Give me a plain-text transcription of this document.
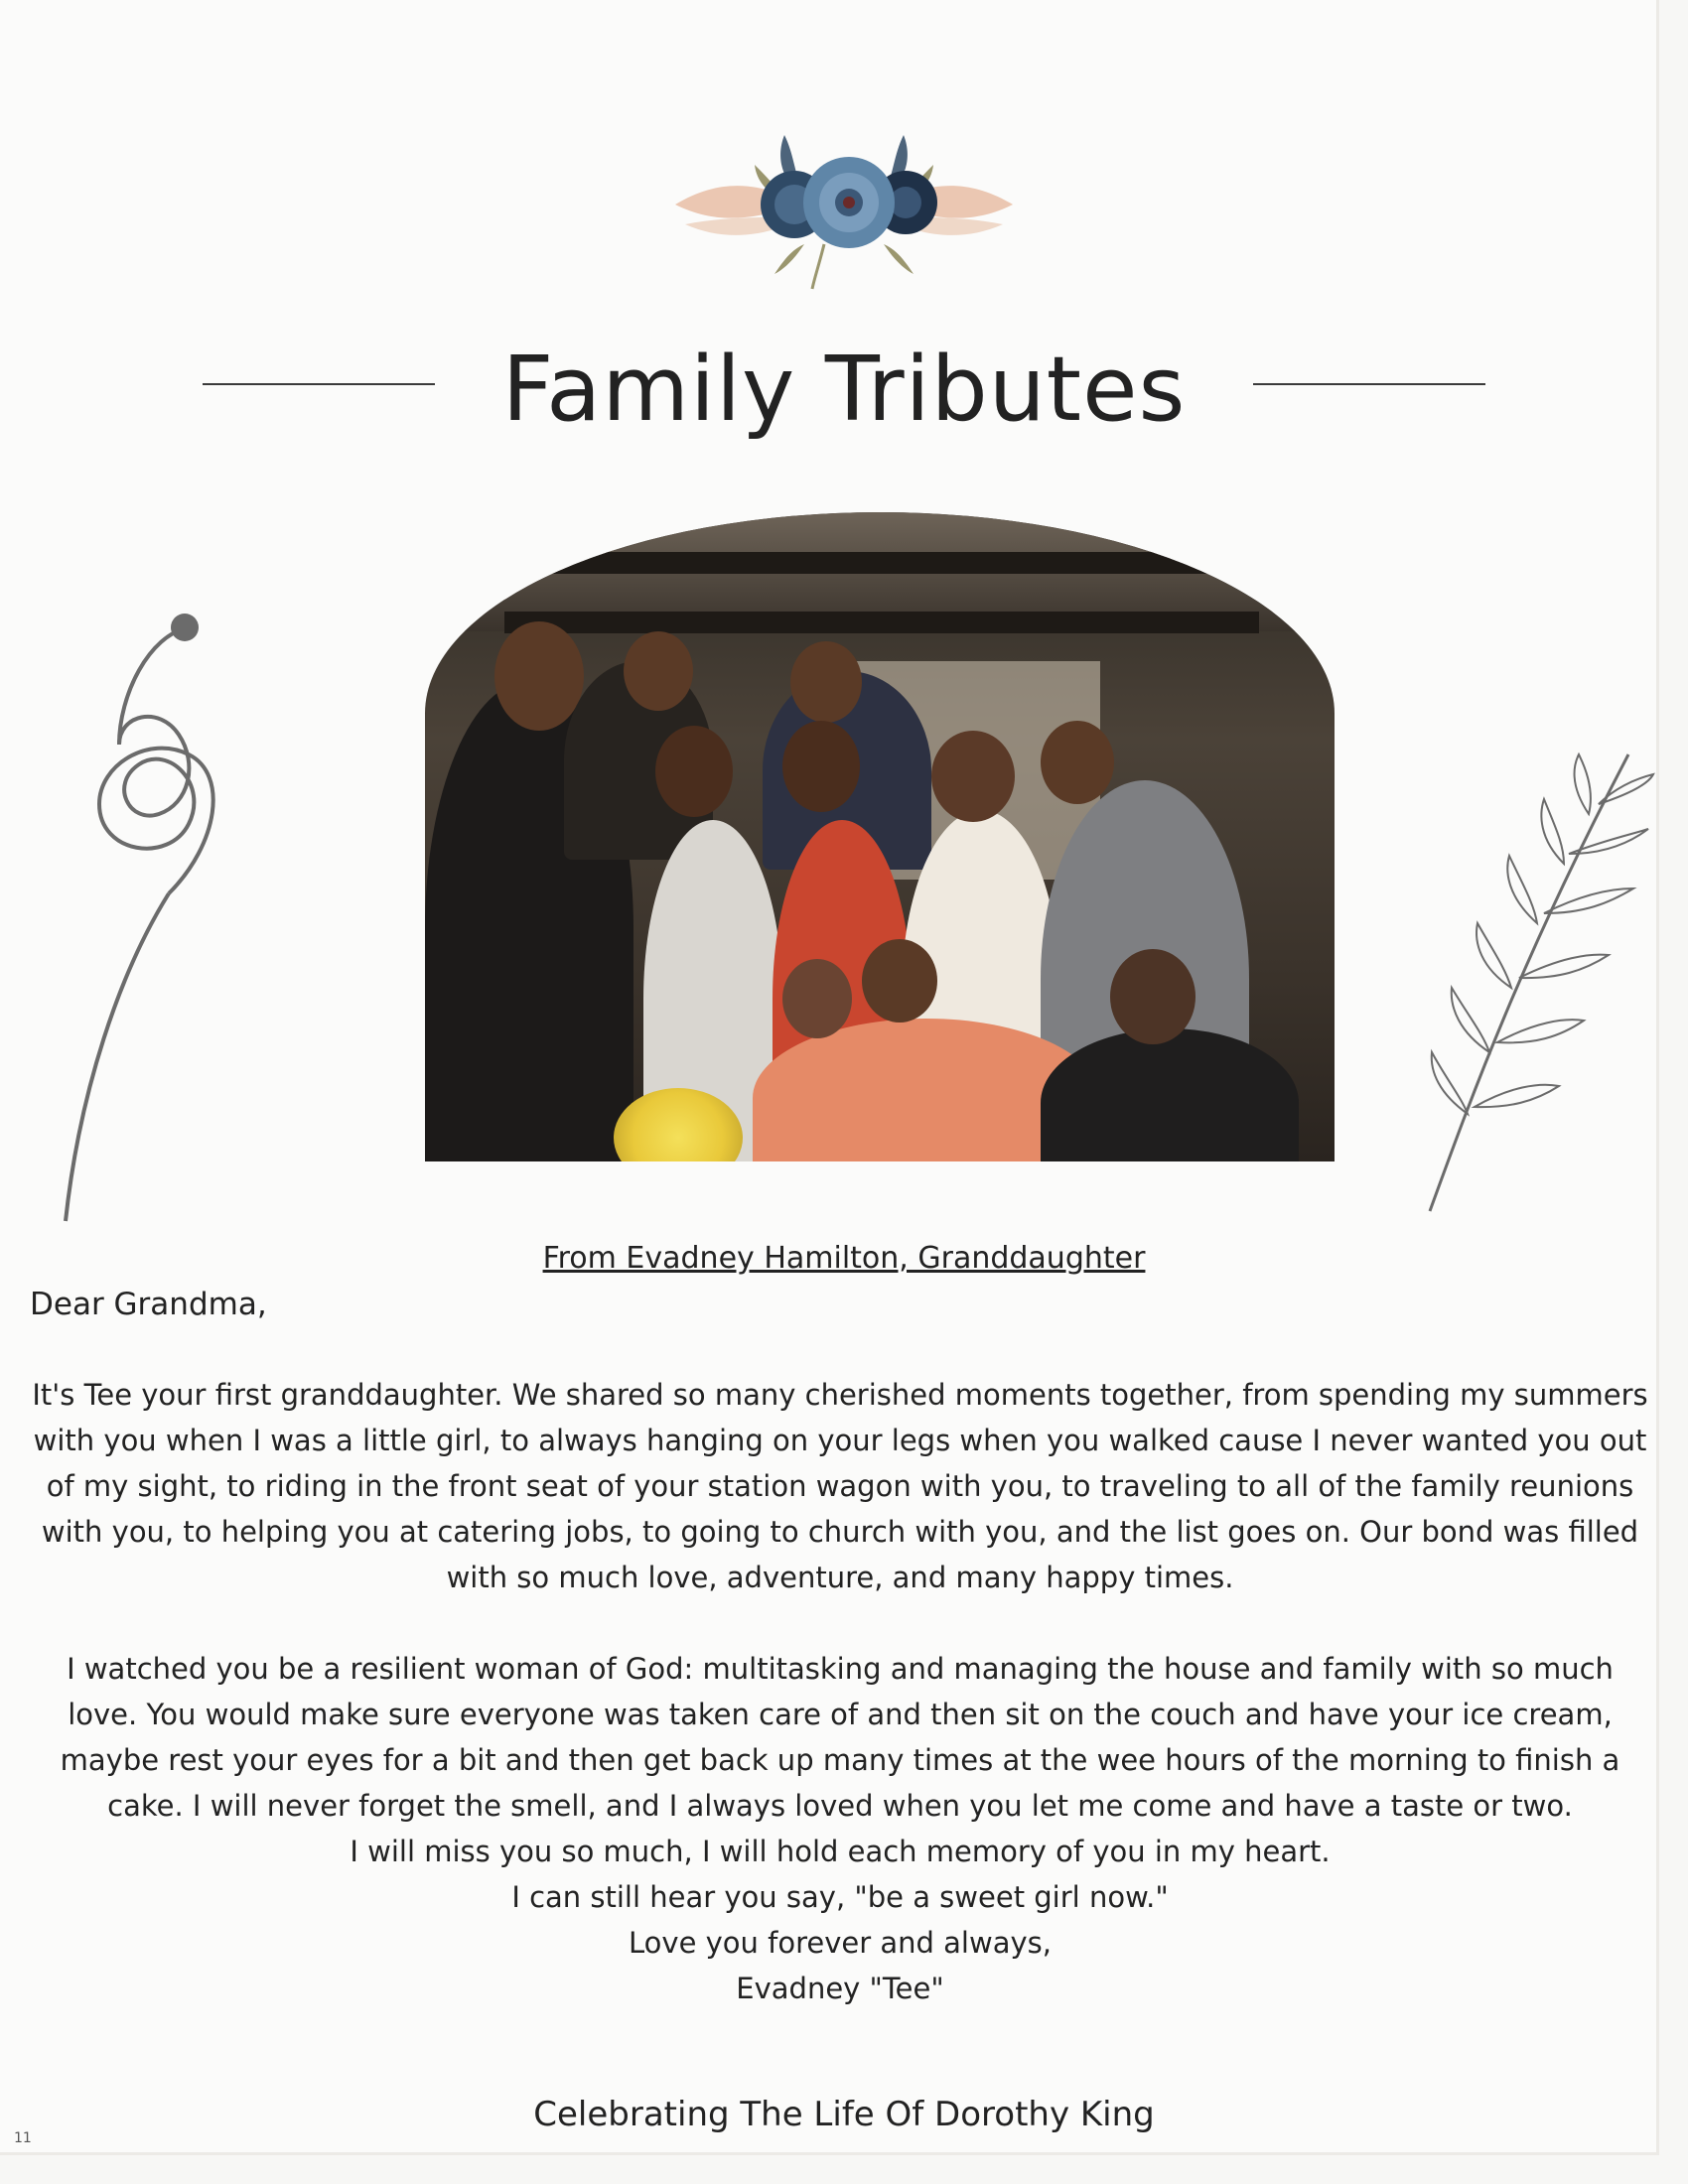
Family Tributes
From Evadney Hamilton, Granddaughter
Dear Grandma,

It's Tee your first granddaughter. We shared so many cherished moments together, from spending my summers with you when I was a little girl, to always hanging on your legs when you walked cause I never wanted you out of my sight, to riding in the front seat of your station wagon with you, to traveling to all of the family reunions with you, to helping you at catering jobs, to going to church with you, and the list goes on. Our bond was filled with so much love, adventure, and many happy times.

I watched you be a resilient woman of God: multitasking and managing the house and family with so much love. You would make sure everyone was taken care of and then sit on the couch and have your ice cream, maybe rest your eyes for a bit and then get back up many times at the wee hours of the morning to finish a cake. I will never forget the smell, and I always loved when you let me come and have a taste or two.

I will miss you so much, I will hold each memory of you in my heart.

I can still hear you say, "be a sweet girl now."

Love you forever and always,

Evadney "Tee"

Celebrating The Life Of Dorothy King
11
